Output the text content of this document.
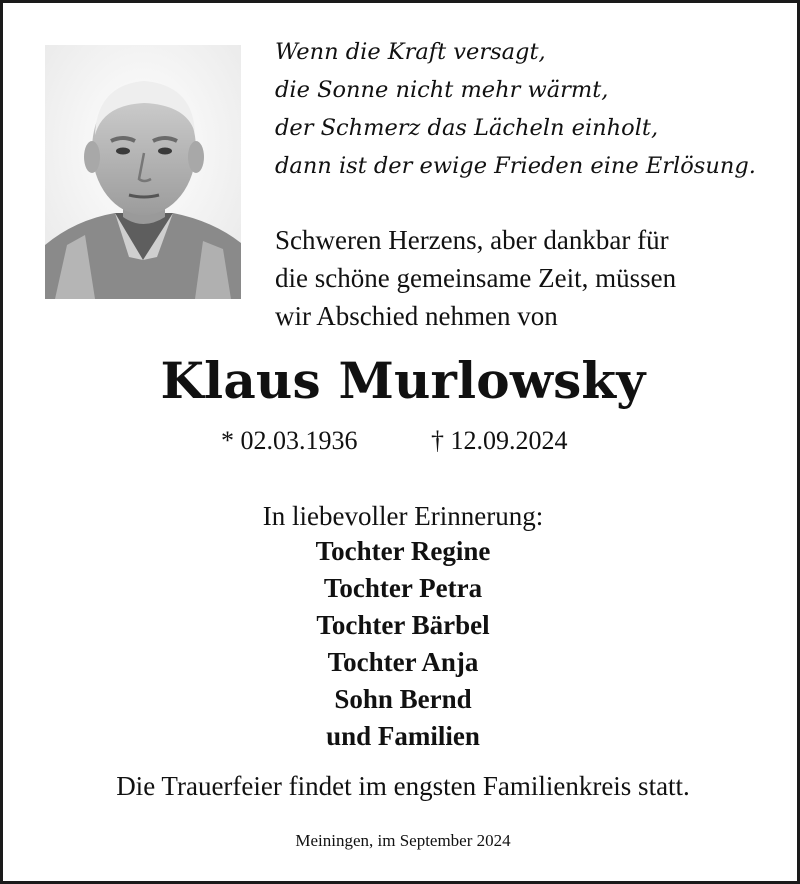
Wenn die Kraft versagt,
die Sonne nicht mehr wärmt,
der Schmerz das Lächeln einholt,
dann ist der ewige Frieden eine Erlösung.
Schweren Herzens, aber dankbar für
die schöne gemeinsame Zeit, müssen
wir Abschied nehmen von
Klaus Murlowsky
* 02.03.1936	† 12.09.2024
In liebevoller Erinnerung:
Tochter Regine
Tochter Petra
Tochter Bärbel
Tochter Anja
Sohn Bernd
und Familien
Die Trauerfeier findet im engsten Familienkreis statt.
Meiningen, im September 2024
